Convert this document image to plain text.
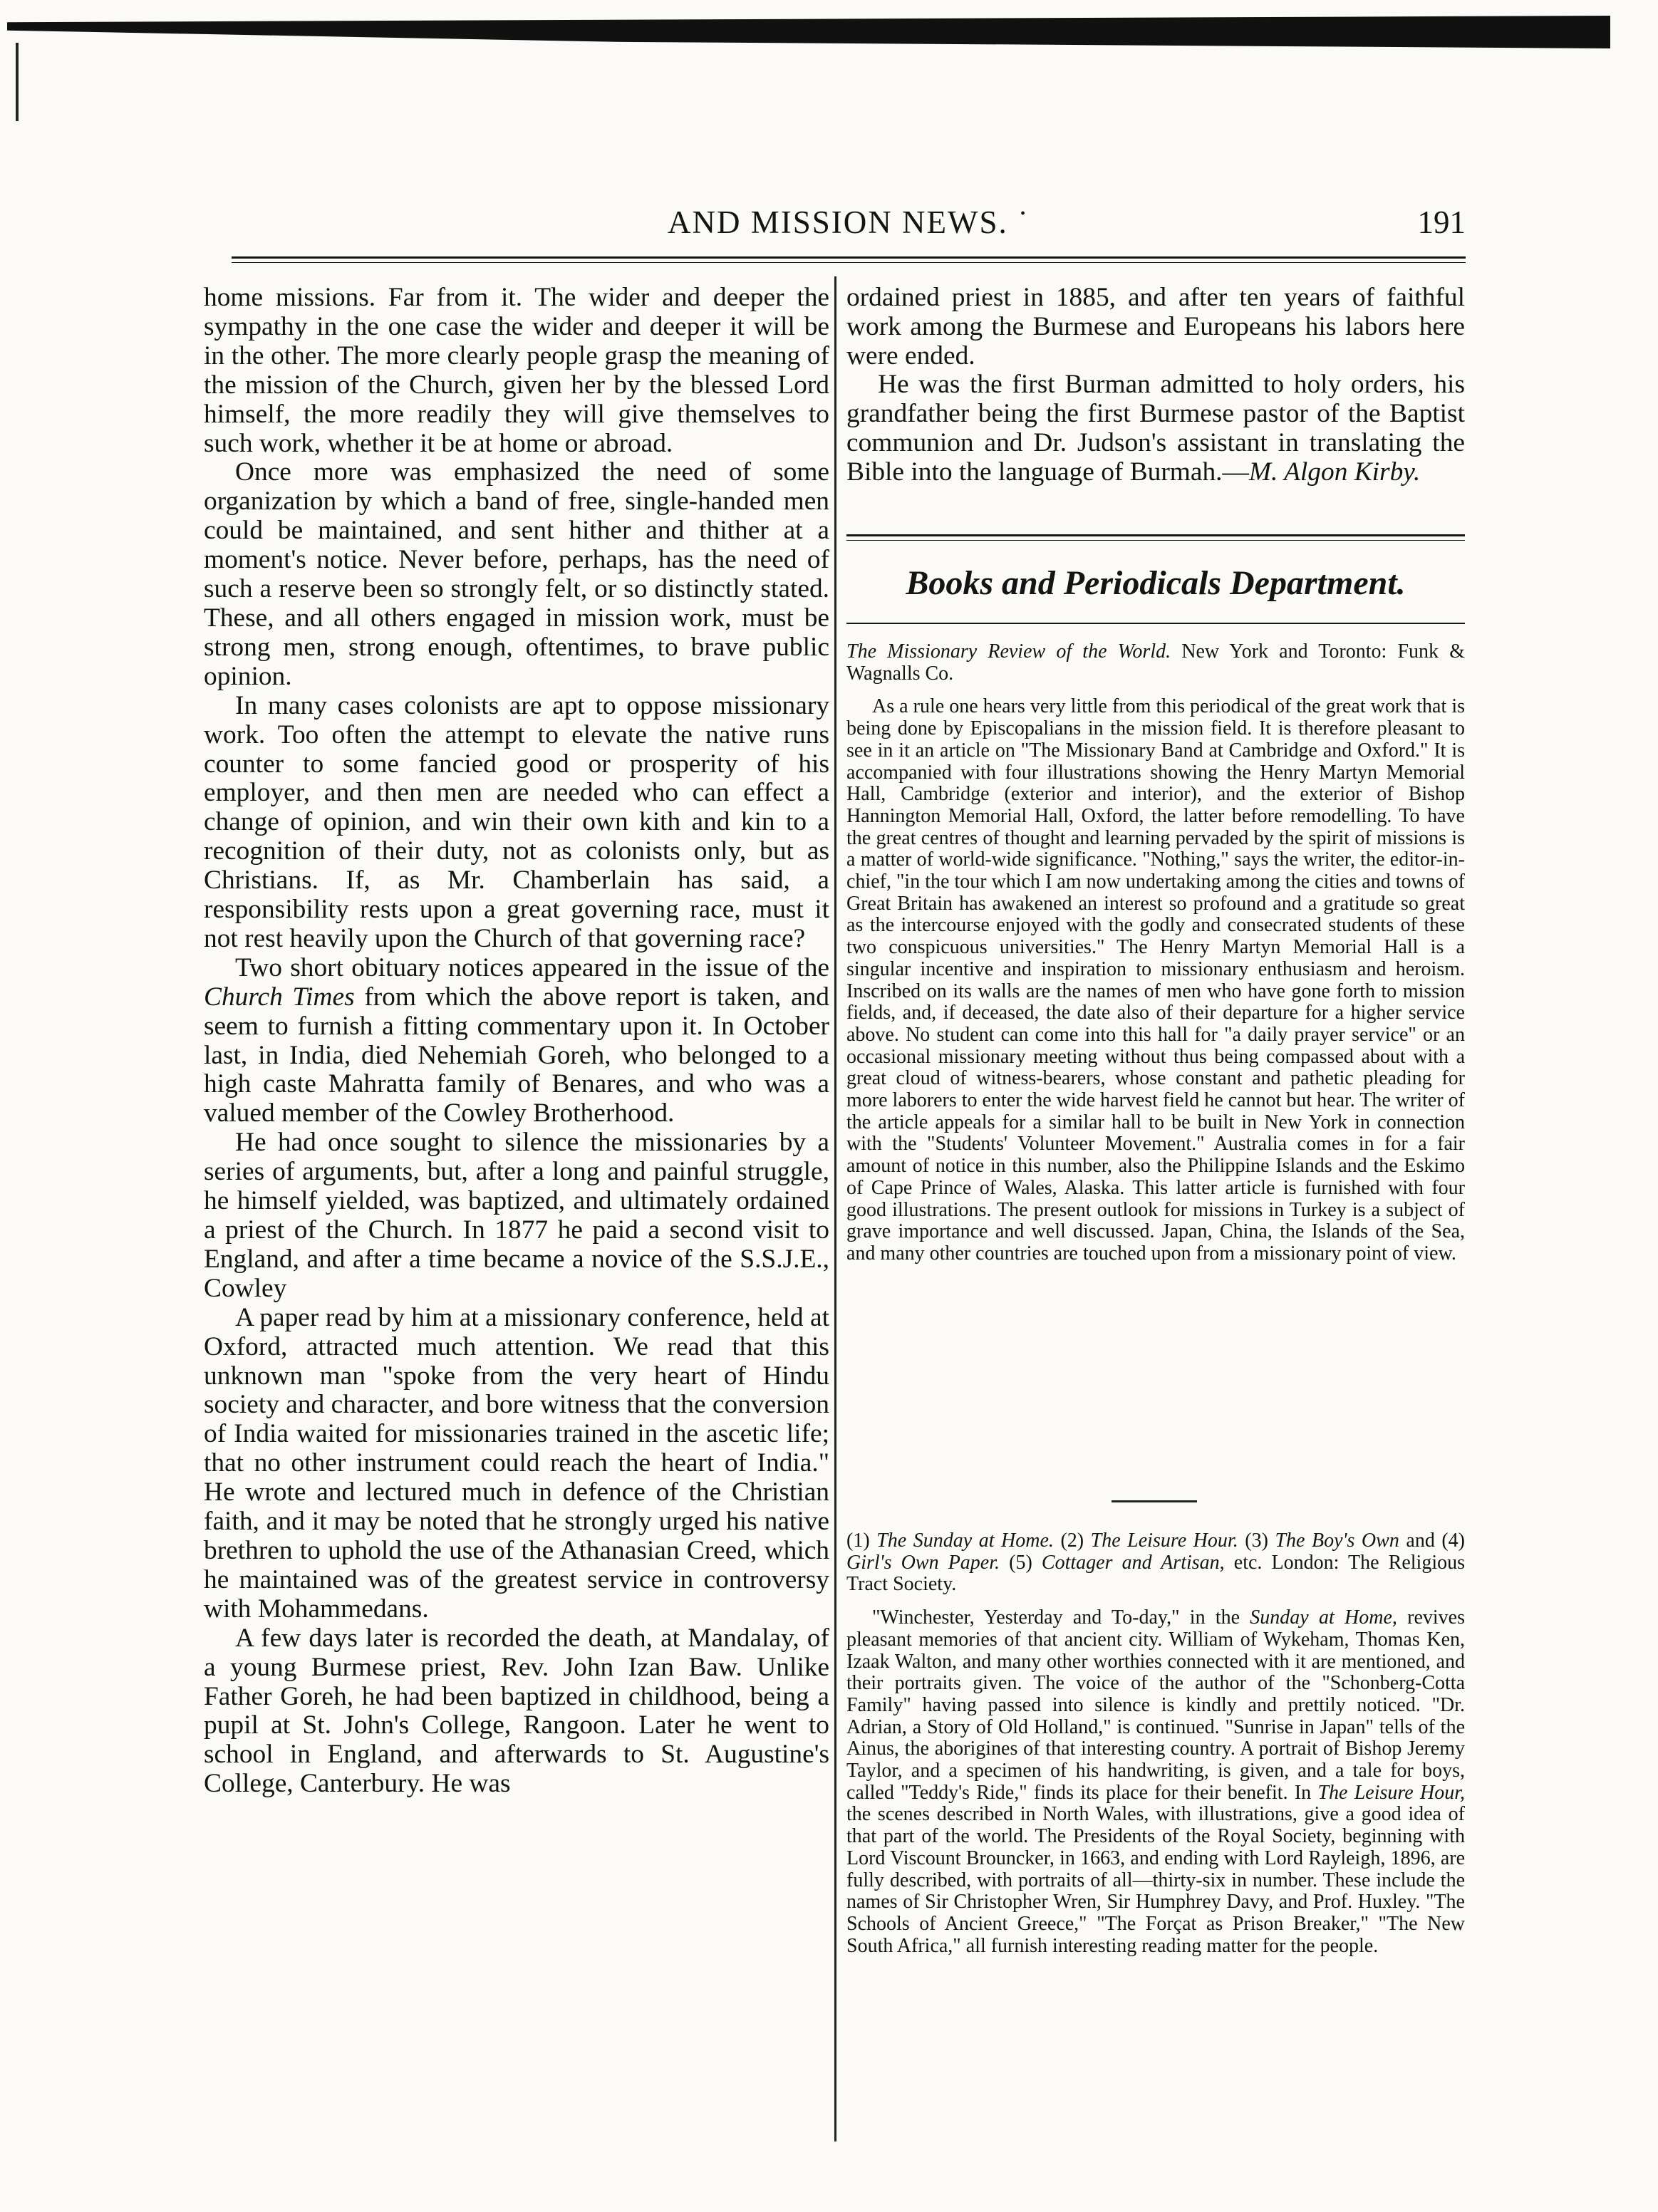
AND MISSION NEWS. ˙	191

home missions. Far from it. The wider and deeper the sympathy in the one case the wider and deeper it will be in the other. The more clearly people grasp the meaning of the mission of the Church, given her by the blessed Lord himself, the more readily they will give themselves to such work, whether it be at home or abroad.

Once more was emphasized the need of some organization by which a band of free, single-handed men could be maintained, and sent hither and thither at a moment's notice. Never before, perhaps, has the need of such a reserve been so strongly felt, or so distinctly stated. These, and all others engaged in mission work, must be strong men, strong enough, oftentimes, to brave public opinion.

In many cases colonists are apt to oppose missionary work. Too often the attempt to elevate the native runs counter to some fancied good or prosperity of his employer, and then men are needed who can effect a change of opinion, and win their own kith and kin to a recognition of their duty, not as colonists only, but as Christians. If, as Mr. Chamberlain has said, a responsibility rests upon a great governing race, must it not rest heavily upon the Church of that governing race?

Two short obituary notices appeared in the issue of the Church Times from which the above report is taken, and seem to furnish a fitting commentary upon it. In October last, in India, died Nehemiah Goreh, who belonged to a high caste Mahratta family of Benares, and who was a valued member of the Cowley Brotherhood.

He had once sought to silence the missionaries by a series of arguments, but, after a long and painful struggle, he himself yielded, was baptized, and ultimately ordained a priest of the Church. In 1877 he paid a second visit to England, and after a time became a novice of the S.S.J.E., Cowley

A paper read by him at a missionary conference, held at Oxford, attracted much attention. We read that this unknown man "spoke from the very heart of Hindu society and character, and bore witness that the conversion of India waited for missionaries trained in the ascetic life; that no other instrument could reach the heart of India." He wrote and lectured much in defence of the Christian faith, and it may be noted that he strongly urged his native brethren to uphold the use of the Athanasian Creed, which he maintained was of the greatest service in controversy with Mohammedans.

A few days later is recorded the death, at Mandalay, of a young Burmese priest, Rev. John Izan Baw. Unlike Father Goreh, he had been baptized in childhood, being a pupil at St. John's College, Rangoon. Later he went to school in England, and afterwards to St. Augustine's College, Canterbury. He was

ordained priest in 1885, and after ten years of faithful work among the Burmese and Europeans his labors here were ended.

He was the first Burman admitted to holy orders, his grandfather being the first Burmese pastor of the Baptist communion and Dr. Judson's assistant in translating the Bible into the language of Burmah.—M. Algon Kirby.

Books and Periodicals Department.

The Missionary Review of the World. New York and Toronto: Funk & Wagnalls Co.

As a rule one hears very little from this periodical of the great work that is being done by Episcopalians in the mission field. It is therefore pleasant to see in it an article on "The Missionary Band at Cambridge and Oxford." It is accompanied with four illustrations showing the Henry Martyn Memorial Hall, Cambridge (exterior and interior), and the exterior of Bishop Hannington Memorial Hall, Oxford, the latter before remodelling. To have the great centres of thought and learning pervaded by the spirit of missions is a matter of world-wide significance. "Nothing," says the writer, the editor-in-chief, "in the tour which I am now undertaking among the cities and towns of Great Britain has awakened an interest so profound and a gratitude so great as the intercourse enjoyed with the godly and consecrated students of these two conspicuous universities." The Henry Martyn Memorial Hall is a singular incentive and inspiration to missionary enthusiasm and heroism. Inscribed on its walls are the names of men who have gone forth to mission fields, and, if deceased, the date also of their departure for a higher service above. No student can come into this hall for "a daily prayer service" or an occasional missionary meeting without thus being compassed about with a great cloud of witness-bearers, whose constant and pathetic pleading for more laborers to enter the wide harvest field he cannot but hear. The writer of the article appeals for a similar hall to be built in New York in connection with the "Students' Volunteer Movement." Australia comes in for a fair amount of notice in this number, also the Philippine Islands and the Eskimo of Cape Prince of Wales, Alaska. This latter article is furnished with four good illustrations. The present outlook for missions in Turkey is a subject of grave importance and well discussed. Japan, China, the Islands of the Sea, and many other countries are touched upon from a missionary point of view.

(1) The Sunday at Home. (2) The Leisure Hour. (3) The Boy's Own and (4) Girl's Own Paper. (5) Cottager and Artisan, etc. London: The Religious Tract Society.

"Winchester, Yesterday and To-day," in the Sunday at Home, revives pleasant memories of that ancient city. William of Wykeham, Thomas Ken, Izaak Walton, and many other worthies connected with it are mentioned, and their portraits given. The voice of the author of the "Schonberg-Cotta Family" having passed into silence is kindly and prettily noticed. "Dr. Adrian, a Story of Old Holland," is continued. "Sunrise in Japan" tells of the Ainus, the aborigines of that interesting country. A portrait of Bishop Jeremy Taylor, and a specimen of his handwriting, is given, and a tale for boys, called "Teddy's Ride," finds its place for their benefit. In The Leisure Hour, the scenes described in North Wales, with illustrations, give a good idea of that part of the world. The Presidents of the Royal Society, beginning with Lord Viscount Brouncker, in 1663, and ending with Lord Rayleigh, 1896, are fully described, with portraits of all—thirty-six in number. These include the names of Sir Christopher Wren, Sir Humphrey Davy, and Prof. Huxley. "The Schools of Ancient Greece," "The Forçat as Prison Breaker," "The New South Africa," all furnish interesting reading matter for the people.
